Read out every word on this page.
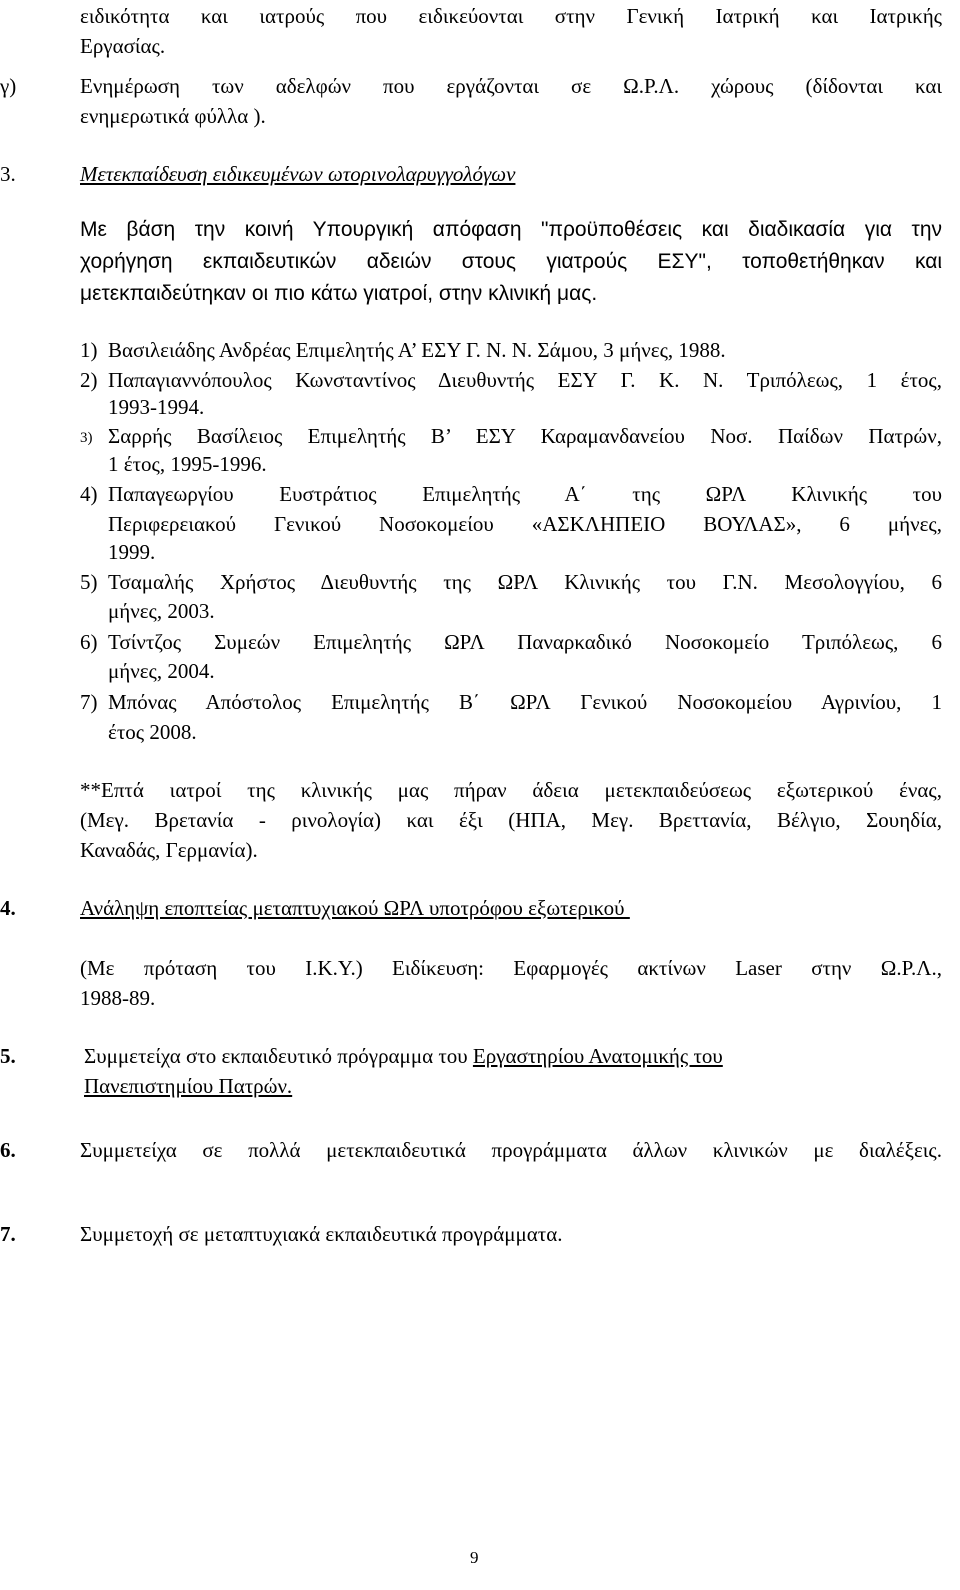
ειδικότητα και ιατρούς που ειδικεύονται στην Γενική Ιατρική και Ιατρικής
Εργασίας.
γ)	Ενημέρωση των αδελφών που εργάζονται σε Ω.Ρ.Λ. χώρους (δίδονται και
ενημερωτικά φύλλα ).
3.	Μετεκπαίδευση ειδικευμένων ωτορινολαρυγγολόγων
Με βάση την κοινή Υπουργική απόφαση "προϋποθέσεις και διαδικασία για την
χορήγηση εκπαιδευτικών αδειών στους γιατρούς ΕΣΥ", τοποθετήθηκαν και
μετεκπαιδεύτηκαν οι πιο κάτω γιατροί, στην κλινική μας.
1) Βασιλειάδης Ανδρέας Επιμελητής Α’ ΕΣΥ Γ. Ν. Ν. Σάμου, 3 μήνες, 1988.
2) Παπαγιαννόπουλος Κωνσταντίνος Διευθυντής ΕΣΥ Γ. Κ. Ν. Τριπόλεως, 1 έτος,
1993-1994.
3) Σαρρής Βασίλειος Επιμελητής Β’ ΕΣΥ Καραμανδανείου Νοσ. Παίδων Πατρών,
1 έτος, 1995-1996.
4) Παπαγεωργίου Ευστράτιος Επιμελητής Α΄ της ΩΡΛ Κλινικής του
Περιφερειακού Γενικού Νοσοκομείου «ΑΣΚΛΗΠΕΙΟ ΒΟΥΛΑΣ», 6 μήνες,
1999.
5) Τσαμαλής Χρήστος Διευθυντής της ΩΡΛ Κλινικής του Γ.Ν. Μεσολογγίου, 6
μήνες, 2003.
6) Τσίντζος Συμεών Επιμελητής ΩΡΛ Παναρκαδικό Νοσοκομείο Τριπόλεως, 6
μήνες, 2004.
7) Μπόνας Απόστολος Επιμελητής Β΄ ΩΡΛ Γενικού Νοσοκομείου Αγρινίου, 1
έτος 2008.
**Επτά ιατροί της κλινικής μας πήραν άδεια μετεκπαιδεύσεως εξωτερικού ένας,
(Μεγ. Βρετανία - ρινολογία) και έξι (ΗΠΑ, Μεγ. Βρεττανία, Βέλγιο, Σουηδία,
Καναδάς, Γερμανία).
4.	Ανάληψη εποπτείας μεταπτυχιακού ΩΡΛ υποτρόφου εξωτερικού
(Με πρόταση του Ι.Κ.Υ.) Ειδίκευση: Εφαρμογές ακτίνων Laser στην Ω.Ρ.Λ.,
1988-89.
5.	Συμμετείχα στο εκπαιδευτικό πρόγραμμα του Εργαστηρίου Ανατομικής του
Πανεπιστημίου Πατρών.
6.	Συμμετείχα σε πολλά μετεκπαιδευτικά προγράμματα άλλων κλινικών με διαλέξεις.
7.	Συμμετοχή σε μεταπτυχιακά εκπαιδευτικά προγράμματα.
9
